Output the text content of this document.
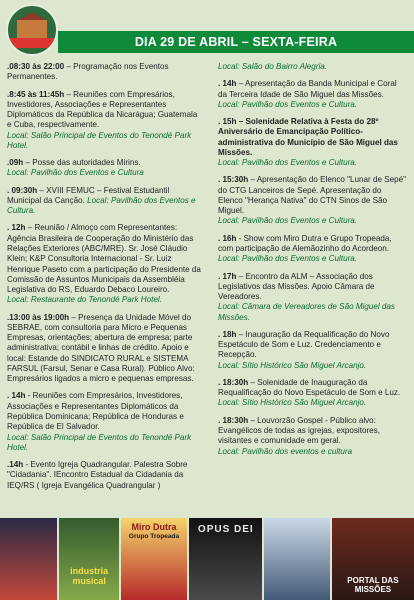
DIA 29 DE ABRIL – SEXTA-FEIRA
.08:30 às 22:00 – Programação nos Eventos Permanentes.
.8:45 às 11:45h – Reuniões com Empresários, Investidores, Associações e Representantes Diplomáticos da República da Nicarágua; Guatemala e Cuba, respectivamente.
Local: Salão Principal de Eventos do Tenondé Park Hotel.
.09h – Posse das autoridades Mirins.
Local: Pavilhão dos Eventos e Cultura
. 09:30h – XVIII FEMUC – Festival Estudantil Municipal da Canção. Local: Pavilhão dos Eventos e Cultura.
. 12h – Reunião / Almoço com Representantes: Agência Brasileira de Cooperação do Ministério das Relações Exteriores (ABC/MRE). Sr. José Cláudio Klein; K&P Consultoria Internacional - Sr. Luiz Henrique Paseto com a participação do Presidente da Comissão de Assuntos Municipais da Assembléia Legislativa do RS, Eduardo Debaco Loureiro.
Local: Restaurante do Tenondé Park Hotel.
.13:00 às 19:00h – Presença da Unidade Móvel do SEBRAE, com consultoria para Micro e Pequenas Empresas, orientações; abertura de empresa; parte administrativa; contábil e linhas de crédito. Apoio e local: Estande do SINDICATO RURAL e SISTEMA FARSUL (Farsul, Senar e Casa Rural). Público Alvo: Empresários ligados a micro e pequenas empresas.
. 14h - Reuniões com Empresários, Investidores, Associações e Representantes Diplomáticos da República Dominicana; República de Honduras e República de El Salvador.
Local: Salão Principal de Eventos do Tenondé Park Hotel.
.14h - Evento Igreja Quadrangular. Palestra Sobre "Cidadania". IEncontro Estadual da Cidadania da IEQ/RS ( Igreja Evangélica Quadrangular )
Local: Salão do Bairro Alegria.
. 14h – Apresentação da Banda Municipal e Coral da Terceira Idade de São Miguel das Missões.
Local: Pavilhão dos Eventos e Cultura.
. 15h – Solenidade Relativa à Festa do 28º Aniversário de Emancipação Político-administrativa do Município de São Miguel das Missões.
Local: Pavilhão dos Eventos e Cultura.
. 15:30h – Apresentação do Elenco "Lunar de Sepé" do CTG Lanceiros de Sepé. Apresentação do Elenco "Herança Nativa" do CTN Sinos de São Miguel.
Local: Pavilhão dos Eventos e Cultura.
. 16h - Show com Miro Dutra e Grupo Tropeada, com participação de Alemãozinho do Acordeon.
Local: Pavilhão dos Eventos e Cultura.
. 17h – Encontro da ALM – Associação dos Legislativos das Missões. Apoio Câmara de Vereadores.
Local: Câmara de Vereadores de São Miguel das Missões.
. 18h – Inauguração da Requalificação do Novo Espetáculo de Som e Luz. Credenciamento e Recepção.
Local: Sítio Histórico São Miguel Arcanjo.
. 18:30h – Solenidade de Inauguração da Requalificação do Novo Espetáculo de Som e Luz.
Local: Sítio Histórico São Miguel Arcanjo.
. 18:30h – Louvorzão Gospel - Público alvo: Evangélicos de todas as igrejas, expositores, visitantes e comunidade em geral.
Local: Pavilhão dos eventos e cultura
industria musical
Miro Dutra
Grupo Tropeada
OPUS DEI
PORTAL DAS MISSÕES
